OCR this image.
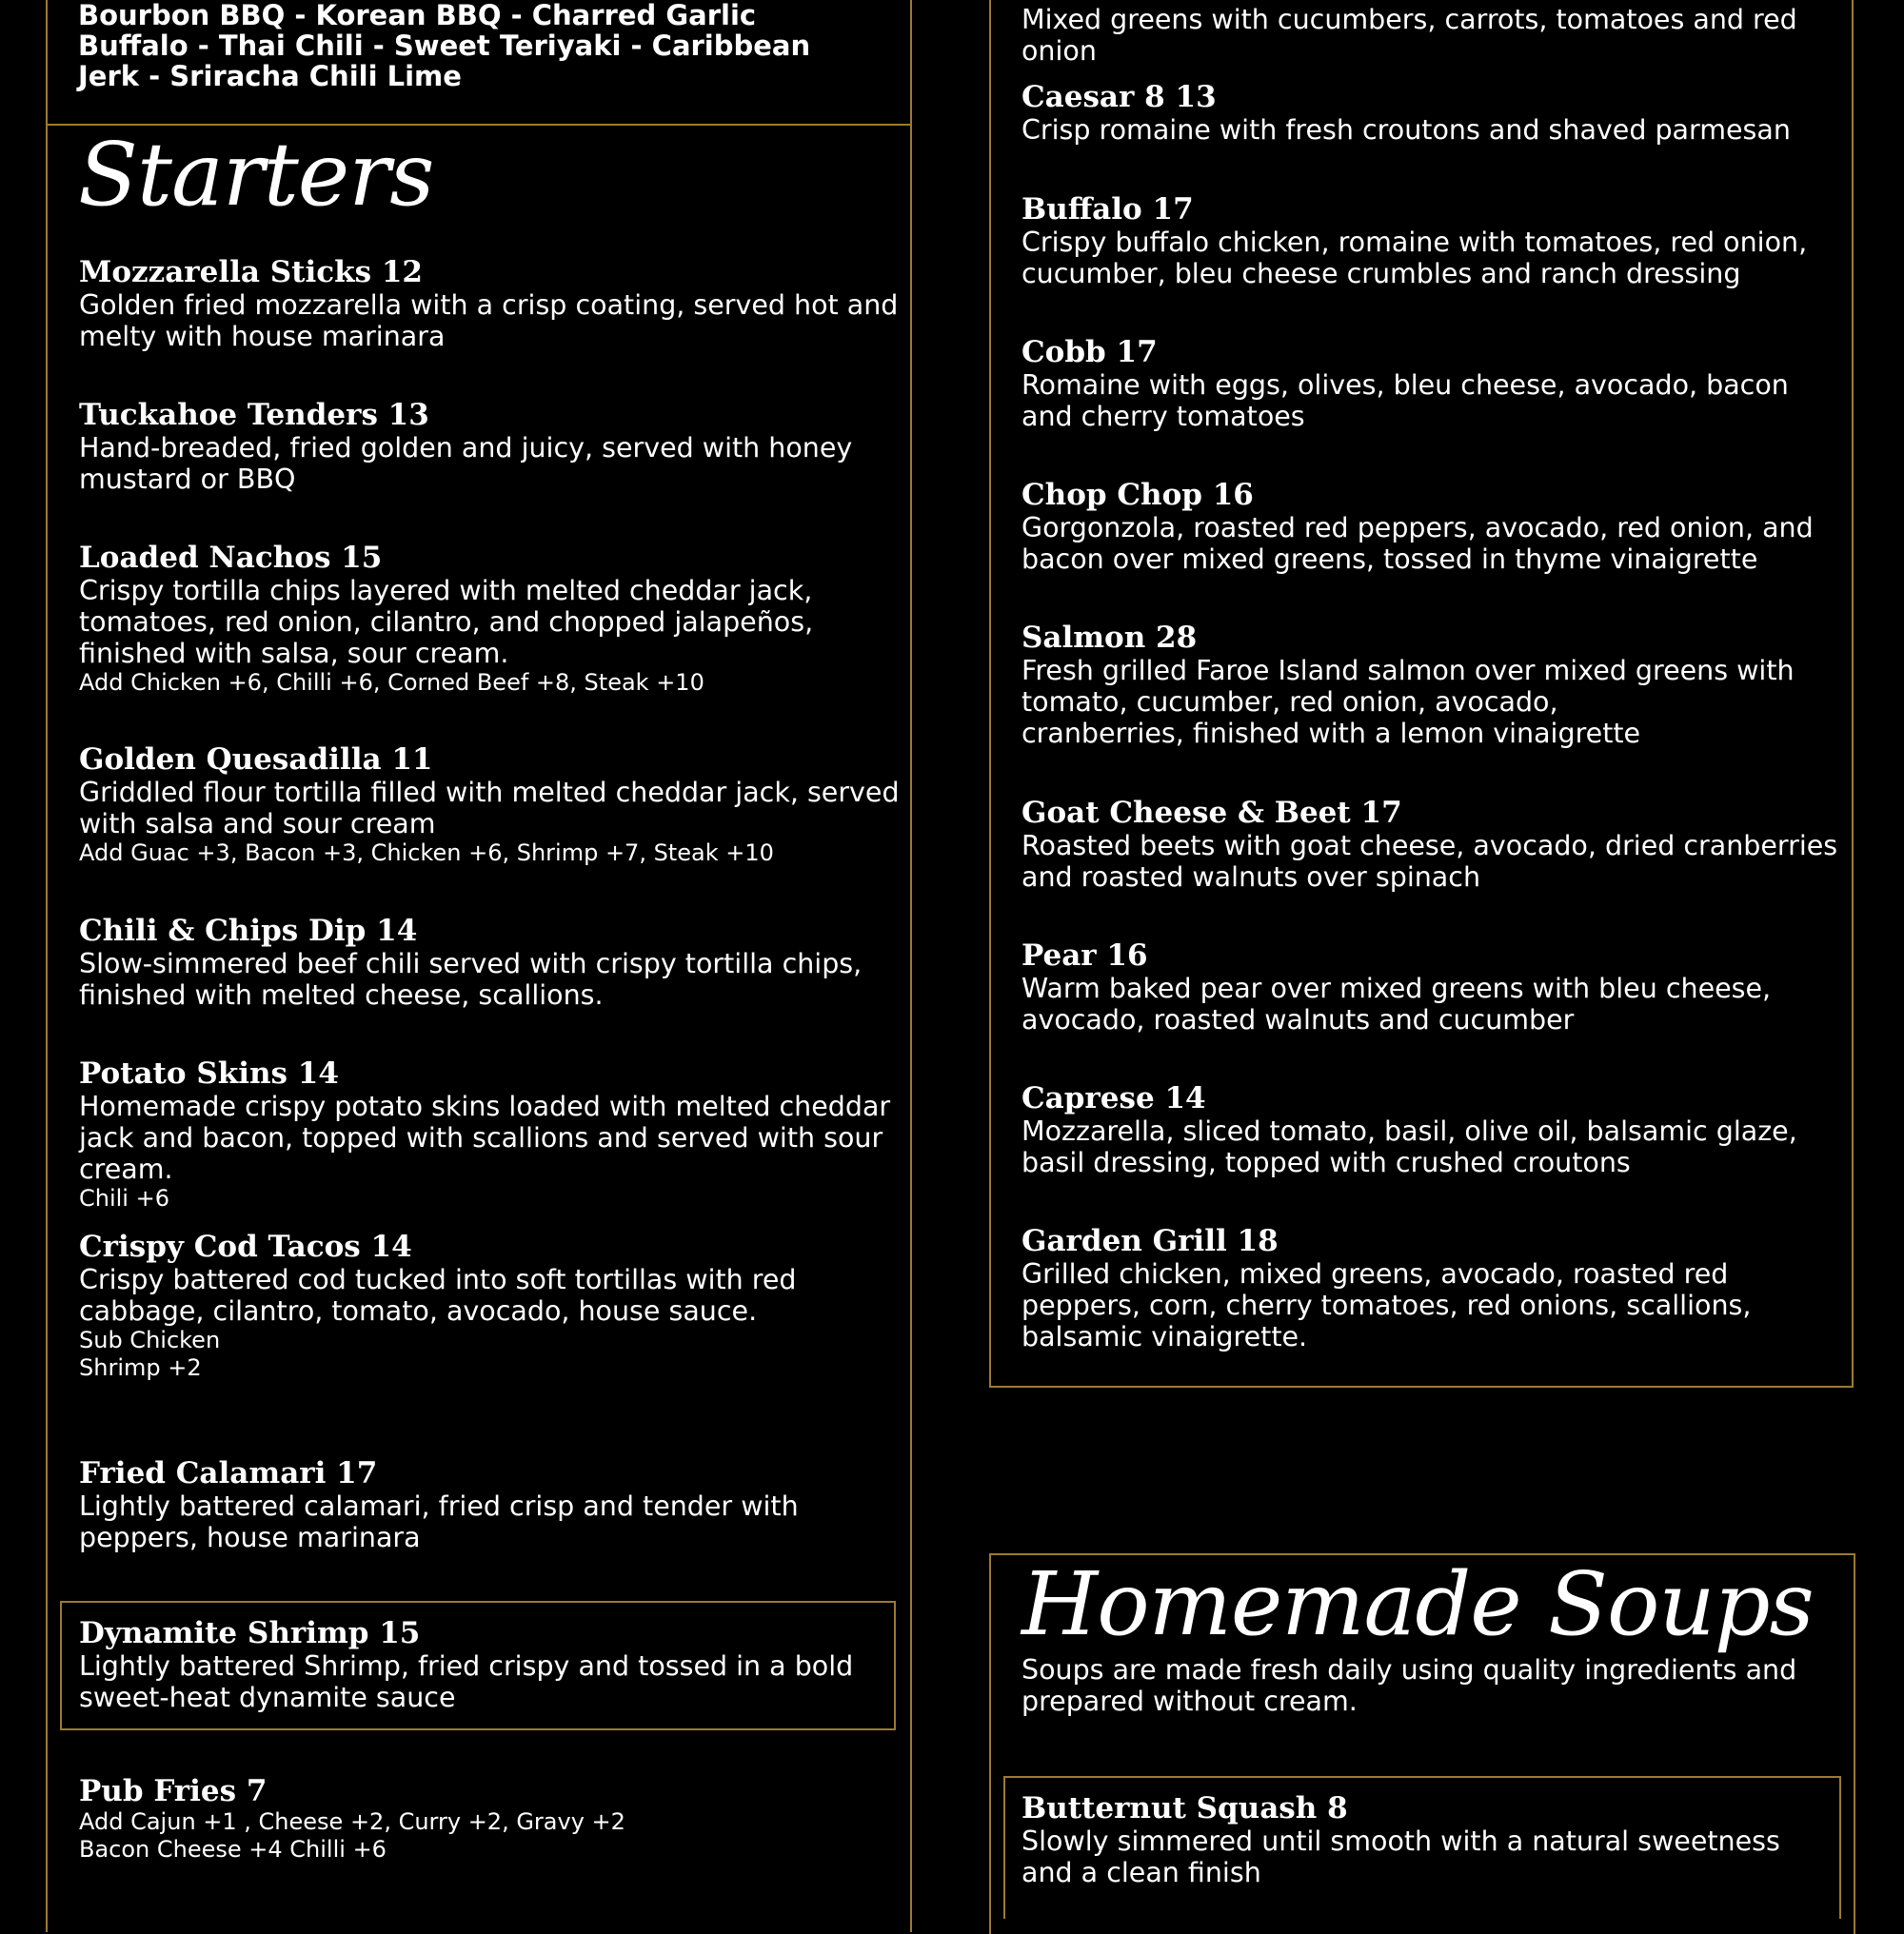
Bourbon BBQ - Korean BBQ - Charred Garlic Buffalo - Thai Chili - Sweet Teriyaki - Caribbean Jerk - Sriracha Chili Lime

Starters
Mozzarella Sticks 12
Golden fried mozzarella with a crisp coating, served hot and melty with house marinara
Tuckahoe Tenders 13
Hand-breaded, fried golden and juicy, served with honey mustard or BBQ
Loaded Nachos 15
Crispy tortilla chips layered with melted cheddar jack, tomatoes, red onion, cilantro, and chopped jalapeños, finished with salsa, sour cream.
Add Chicken +6, Chilli +6, Corned Beef +8, Steak +10
Golden Quesadilla 11
Griddled flour tortilla filled with melted cheddar jack, served with salsa and sour cream
Add Guac +3, Bacon +3, Chicken +6, Shrimp +7, Steak +10
Chili & Chips Dip 14
Slow-simmered beef chili served with crispy tortilla chips, finished with melted cheese, scallions.
Potato Skins 14
Homemade crispy potato skins loaded with melted cheddar jack and bacon, topped with scallions and served with sour cream.
Chili +6
Crispy Cod Tacos 14
Crispy battered cod tucked into soft tortillas with red cabbage, cilantro, tomato, avocado, house sauce.
Sub Chicken
Shrimp +2
Fried Calamari 17
Lightly battered calamari, fried crisp and tender with peppers, house marinara
Dynamite Shrimp 15
Lightly battered Shrimp, fried crispy and tossed in a bold sweet-heat dynamite sauce
Pub Fries 7
Add Cajun +1 , Cheese +2, Curry +2, Gravy +2
Bacon Cheese +4 Chilli +6
Mixed greens with cucumbers, carrots, tomatoes and red onion
Caesar 8 13
Crisp romaine with fresh croutons and shaved parmesan
Buffalo 17
Crispy buffalo chicken, romaine with tomatoes, red onion, cucumber, bleu cheese crumbles and ranch dressing
Cobb 17
Romaine with eggs, olives, bleu cheese, avocado, bacon and cherry tomatoes
Chop Chop 16
Gorgonzola, roasted red peppers, avocado, red onion, and bacon over mixed greens, tossed in thyme vinaigrette
Salmon 28
Fresh grilled Faroe Island salmon over mixed greens with tomato, cucumber, red onion, avocado,
cranberries, finished with a lemon vinaigrette
Goat Cheese & Beet 17
Roasted beets with goat cheese, avocado, dried cranberries and roasted walnuts over spinach
Pear 16
Warm baked pear over mixed greens with bleu cheese, avocado, roasted walnuts and cucumber
Caprese 14
Mozzarella, sliced tomato, basil, olive oil, balsamic glaze, basil dressing, topped with crushed croutons
Garden Grill 18
Grilled chicken, mixed greens, avocado, roasted red peppers, corn, cherry tomatoes, red onions, scallions, balsamic vinaigrette.
Homemade Soups

Soups are made fresh daily using quality ingredients and prepared without cream.

Butternut Squash 8
Slowly simmered until smooth with a natural sweetness and a clean finish
